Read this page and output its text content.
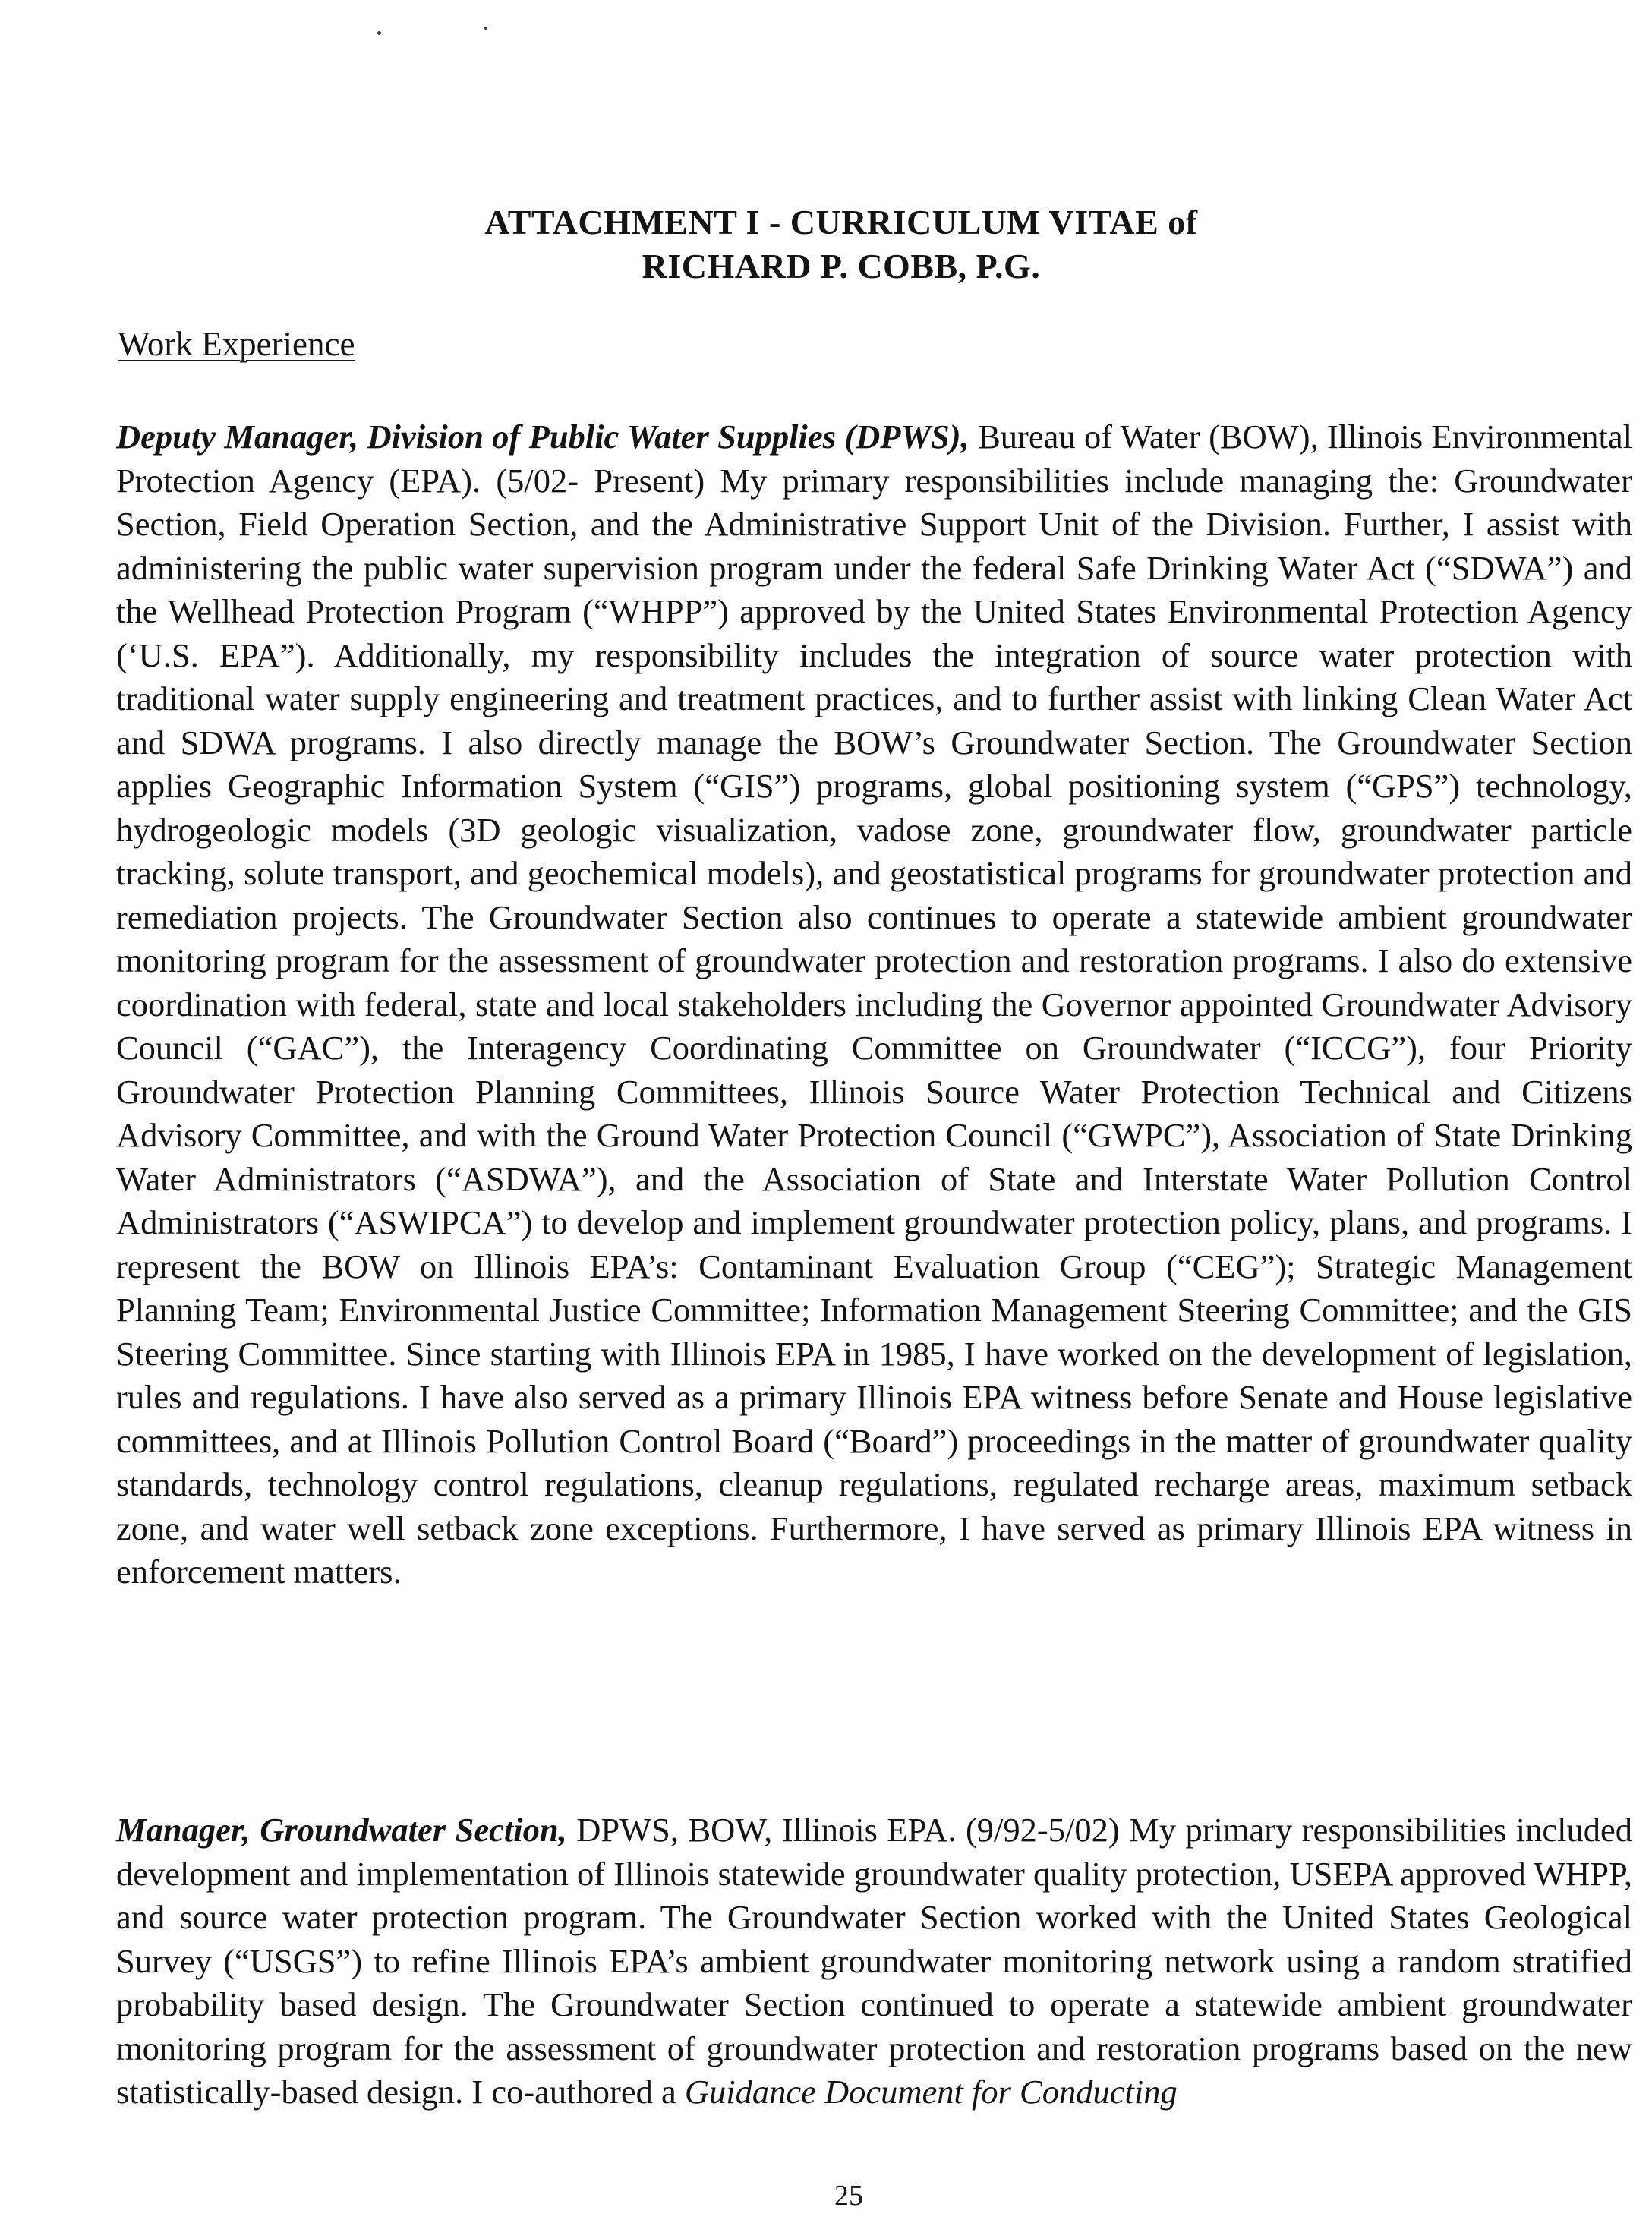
ATTACHMENT I - CURRICULUM VITAE of
RICHARD P. COBB, P.G.
Work Experience

Deputy Manager, Division of Public Water Supplies (DPWS), Bureau of Water (BOW), Illinois Environmental Protection Agency (EPA). (5/02- Present) My primary responsibilities include managing the: Groundwater Section, Field Operation Section, and the Administrative Support Unit of the Division. Further, I assist with administering the public water supervision program under the federal Safe Drinking Water Act (“SDWA”) and the Wellhead Protection Program (“WHPP”) approved by the United States Environmental Protection Agency (‘U.S. EPA”). Additionally, my responsibility includes the integration of source water protection with traditional water supply engineering and treatment practices, and to further assist with linking Clean Water Act and SDWA programs. I also directly manage the BOW’s Groundwater Section. The Groundwater Section applies Geographic Information System (“GIS”) programs, global positioning system (“GPS”) technology, hydrogeologic models (3D geologic visualization, vadose zone, groundwater flow, groundwater particle tracking, solute transport, and geochemical models), and geostatistical programs for groundwater protection and remediation projects. The Groundwater Section also continues to operate a statewide ambient groundwater monitoring program for the assessment of groundwater protection and restoration programs. I also do extensive coordination with federal, state and local stakeholders including the Governor appointed Groundwater Advisory Council (“GAC”), the Interagency Coordinating Committee on Groundwater (“ICCG”), four Priority Groundwater Protection Planning Committees, Illinois Source Water Protection Technical and Citizens Advisory Committee, and with the Ground Water Protection Council (“GWPC”), Association of State Drinking Water Administrators (“ASDWA”), and the Association of State and Interstate Water Pollution Control Administrators (“ASWIPCA”) to develop and implement groundwater protection policy, plans, and programs. I represent the BOW on Illinois EPA’s: Contaminant Evaluation Group (“CEG”); Strategic Management Planning Team; Environmental Justice Committee; Information Management Steering Committee; and the GIS Steering Committee. Since starting with Illinois EPA in 1985, I have worked on the development of legislation, rules and regulations. I have also served as a primary Illinois EPA witness before Senate and House legislative committees, and at Illinois Pollution Control Board (“Board”) proceedings in the matter of groundwater quality standards, technology control regulations, cleanup regulations, regulated recharge areas, maximum setback zone, and water well setback zone exceptions. Furthermore, I have served as primary Illinois EPA witness in enforcement matters.

Manager, Groundwater Section, DPWS, BOW, Illinois EPA. (9/92-5/02) My primary responsibilities included development and implementation of Illinois statewide groundwater quality protection, USEPA approved WHPP, and source water protection program. The Groundwater Section worked with the United States Geological Survey (“USGS”) to refine Illinois EPA’s ambient groundwater monitoring network using a random stratified probability based design. The Groundwater Section continued to operate a statewide ambient groundwater monitoring program for the assessment of groundwater protection and restoration programs based on the new statistically-based design. I co-authored a Guidance Document for Conducting

25
